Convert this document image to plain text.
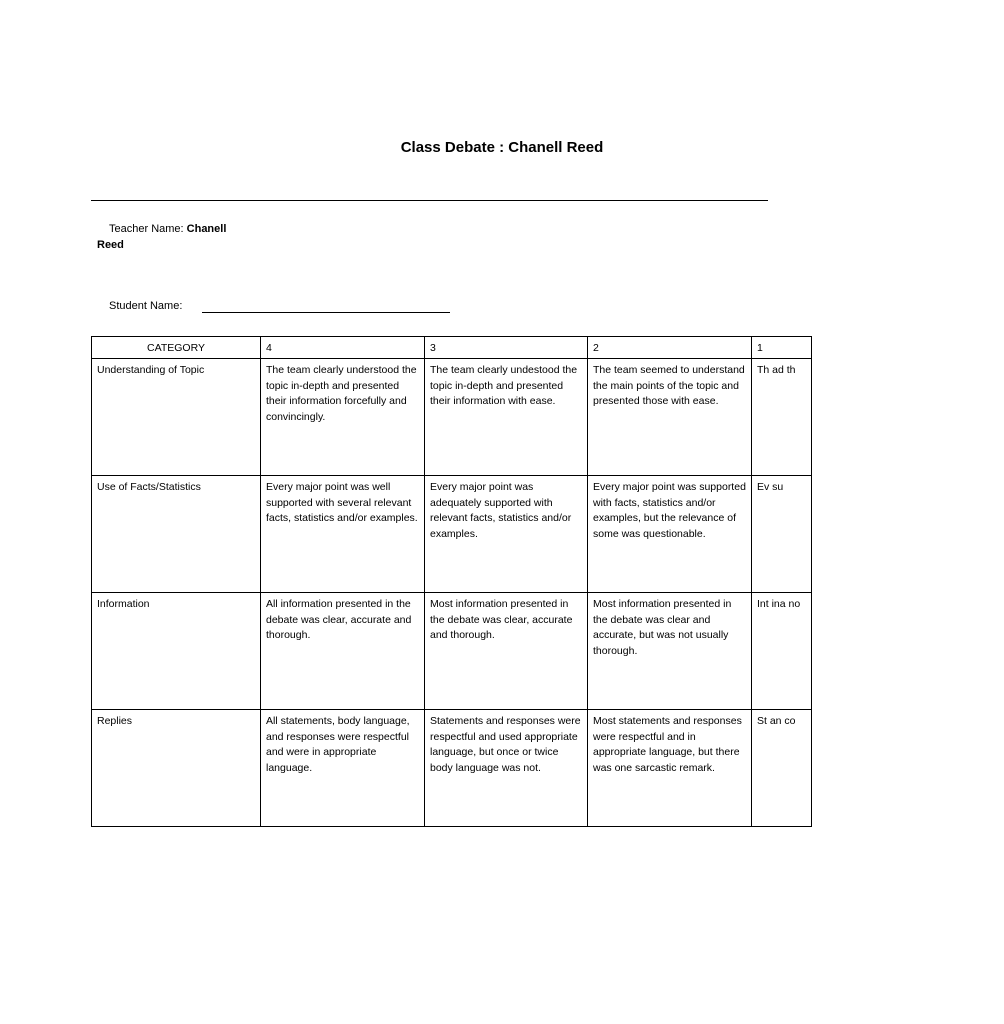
Class Debate : Chanell Reed
Teacher Name: Chanell Reed
Student Name:
CATEGORY	4	3	2	1
Understanding of Topic	The team clearly understood the topic in-depth and presented their information forcefully and convincingly.	The team clearly undestood the topic in-depth and presented their information with ease.	The team seemed to understand the main points of the topic and presented those with ease.	Th ad th
Use of Facts/Statistics	Every major point was well supported with several relevant facts, statistics and/or examples.	Every major point was adequately supported with relevant facts, statistics and/or examples.	Every major point was supported with facts, statistics and/or examples, but the relevance of some was questionable.	Ev su
Information	All information presented in the debate was clear, accurate and thorough.	Most information presented in the debate was clear, accurate and thorough.	Most information presented in the debate was clear and accurate, but was not usually thorough.	Int ina no
Replies	All statements, body language, and responses were respectful and were in appropriate language.	Statements and responses were respectful and used appropriate language, but once or twice body language was not.	Most statements and responses were respectful and in appropriate language, but there was one sarcastic remark.	St an co
